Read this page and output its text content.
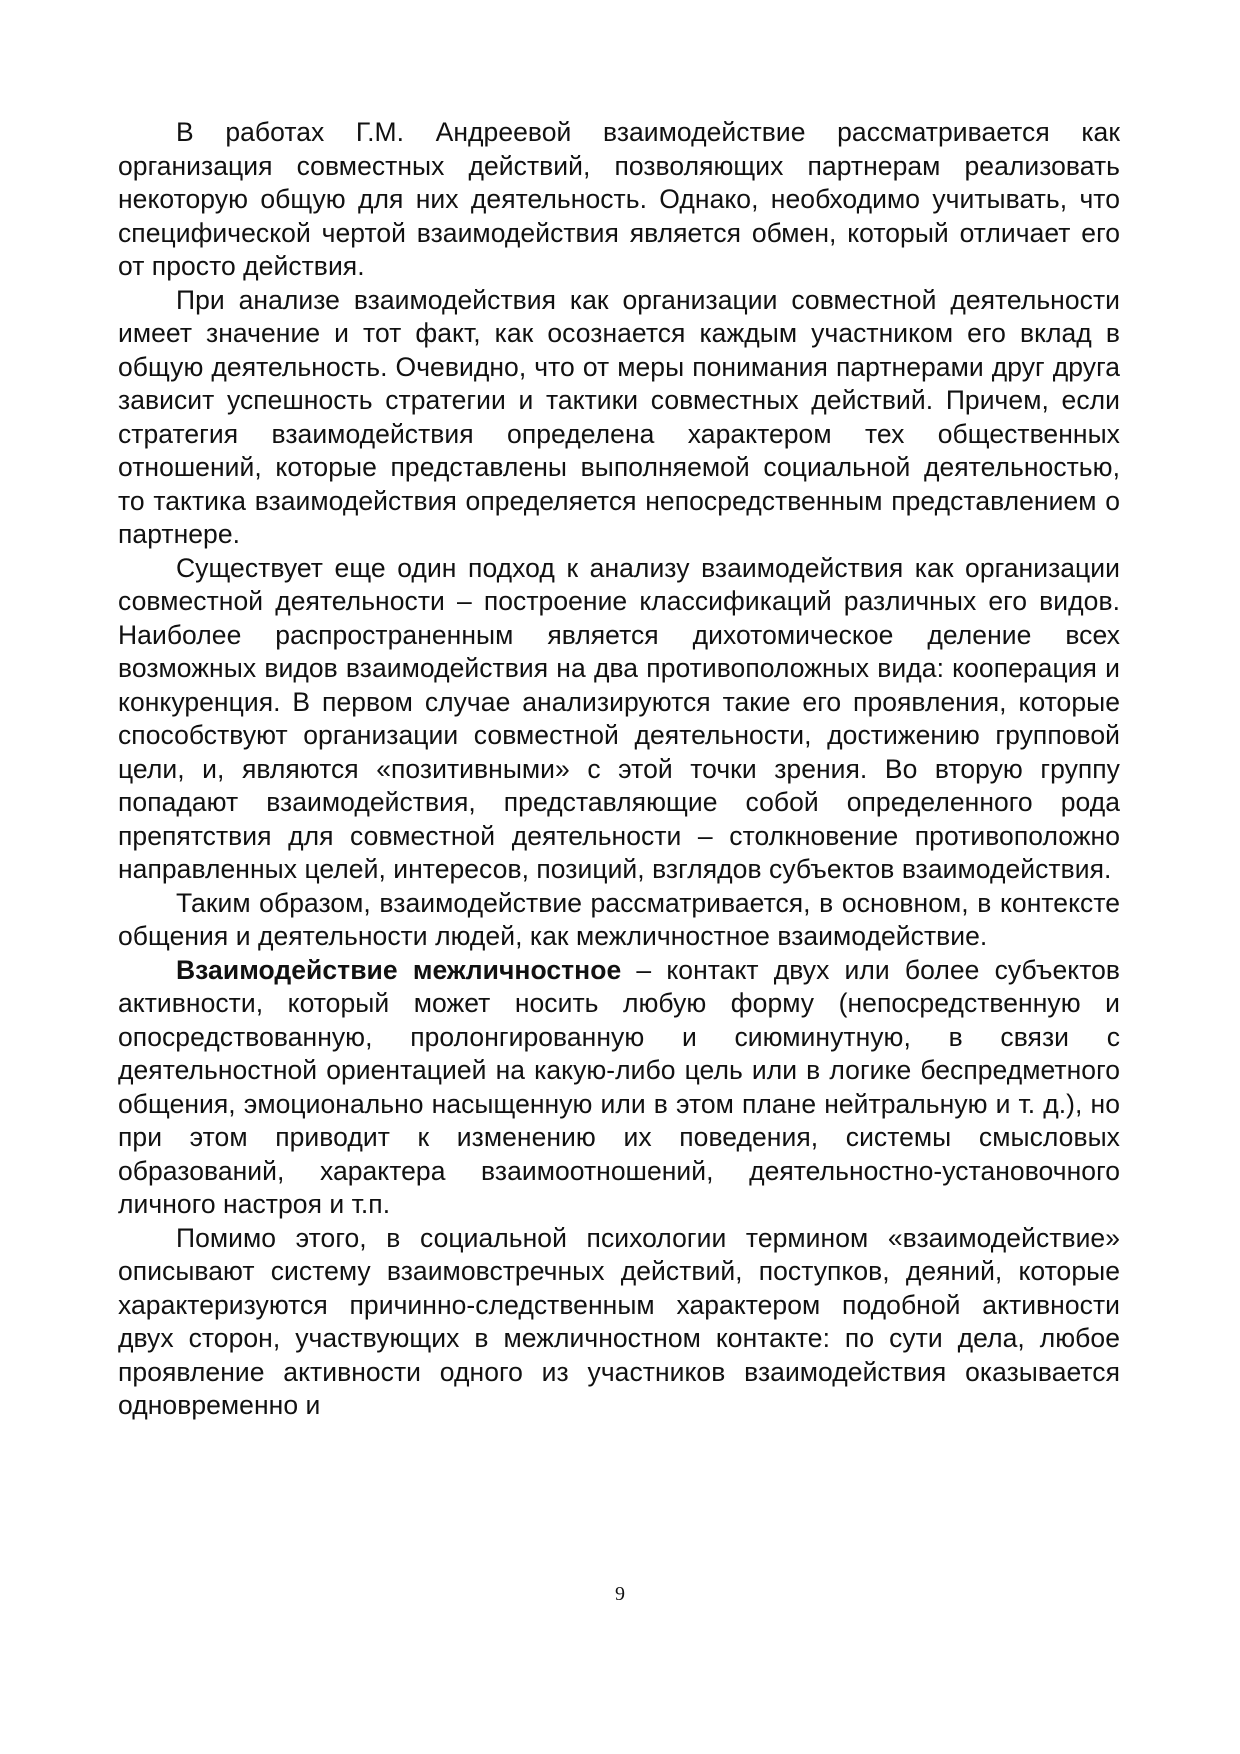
В работах Г.М. Андреевой взаимодействие рассматривается как организация совместных действий, позволяющих партнерам реализовать некоторую общую для них деятельность. Однако, необходимо учитывать, что специфической чертой взаимодействия является обмен, который отличает его от просто действия.

При анализе взаимодействия как организации совместной деятельности имеет значение и тот факт, как осознается каждым участником его вклад в общую деятельность. Очевидно, что от меры понимания партнерами друг друга зависит успешность стратегии и тактики совместных действий. Причем, если стратегия взаимодействия определена характером тех общественных отношений, которые представлены выполняемой социальной деятельностью, то тактика взаимодействия определяется непосредственным представлением о партнере.

Существует еще один подход к анализу взаимодействия как организации совместной деятельности – построение классификаций различных его видов. Наиболее распространенным является дихотомическое деление всех возможных видов взаимодействия на два противоположных вида: кооперация и конкуренция. В первом случае анализируются такие его проявления, которые способствуют организации совместной деятельности, достижению групповой цели, и, являются «позитивными» с этой точки зрения. Во вторую группу попадают взаимодействия, представляющие собой определенного рода препятствия для совместной деятельности – столкновение противоположно направленных целей, интересов, позиций, взглядов субъектов взаимодействия.

Таким образом, взаимодействие рассматривается, в основном, в контексте общения и деятельности людей, как межличностное взаимодействие.

Взаимодействие межличностное – контакт двух или более субъектов активности, который может носить любую форму (непосредственную и опосредствованную, пролонгированную и сиюминутную, в связи с деятельностной ориентацией на какую-либо цель или в логике беспредметного общения, эмоционально насыщенную или в этом плане нейтральную и т. д.), но при этом приводит к изменению их поведения, системы смысловых образований, характера взаимоотношений, деятельностно-установочного личного настроя и т.п.

Помимо этого, в социальной психологии термином «взаимодействие» описывают систему взаимовстречных действий, поступков, деяний, которые характеризуются причинно-следственным характером подобной активности двух сторон, участвующих в межличностном контакте: по сути дела, любое проявление активности одного из участников взаимодействия оказывается одновременно и

9
